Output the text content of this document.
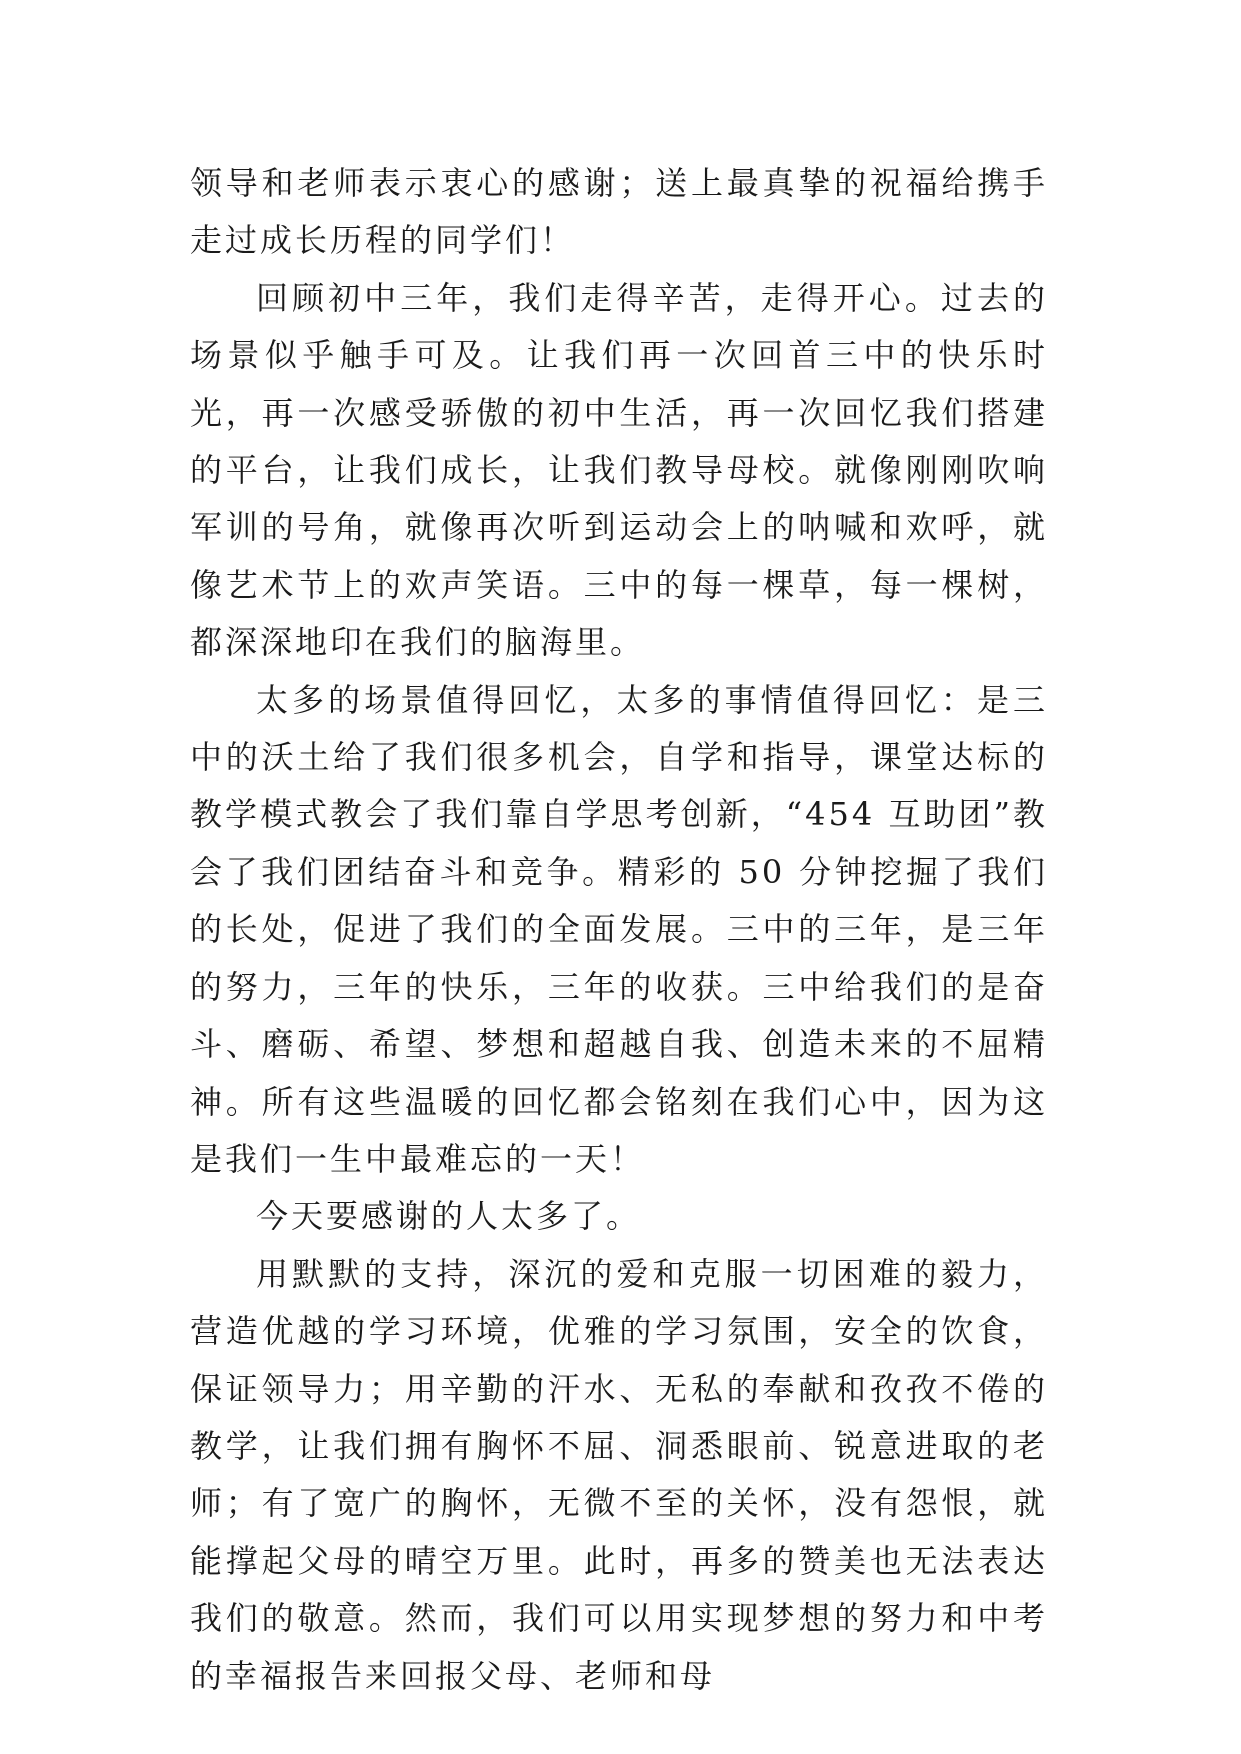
领导和老师表示衷心的感谢；送上最真挚的祝福给携手走过成长历程的同学们！

回顾初中三年，我们走得辛苦，走得开心。过去的场景似乎触手可及。让我们再一次回首三中的快乐时光，再一次感受骄傲的初中生活，再一次回忆我们搭建的平台，让我们成长，让我们教导母校。就像刚刚吹响军训的号角，就像再次听到运动会上的呐喊和欢呼，就像艺术节上的欢声笑语。三中的每一棵草，每一棵树，都深深地印在我们的脑海里。

太多的场景值得回忆，太多的事情值得回忆：是三中的沃土给了我们很多机会，自学和指导，课堂达标的教学模式教会了我们靠自学思考创新，“454 互助团”教会了我们团结奋斗和竞争。精彩的 50 分钟挖掘了我们的长处，促进了我们的全面发展。三中的三年，是三年的努力，三年的快乐，三年的收获。三中给我们的是奋斗、磨砺、希望、梦想和超越自我、创造未来的不屈精神。所有这些温暖的回忆都会铭刻在我们心中，因为这是我们一生中最难忘的一天！

今天要感谢的人太多了。

用默默的支持，深沉的爱和克服一切困难的毅力，营造优越的学习环境，优雅的学习氛围，安全的饮食，保证领导力；用辛勤的汗水、无私的奉献和孜孜不倦的教学，让我们拥有胸怀不屈、洞悉眼前、锐意进取的老师；有了宽广的胸怀，无微不至的关怀，没有怨恨，就能撑起父母的晴空万里。此时，再多的赞美也无法表达我们的敬意。然而，我们可以用实现梦想的努力和中考的幸福报告来回报父母、老师和母
